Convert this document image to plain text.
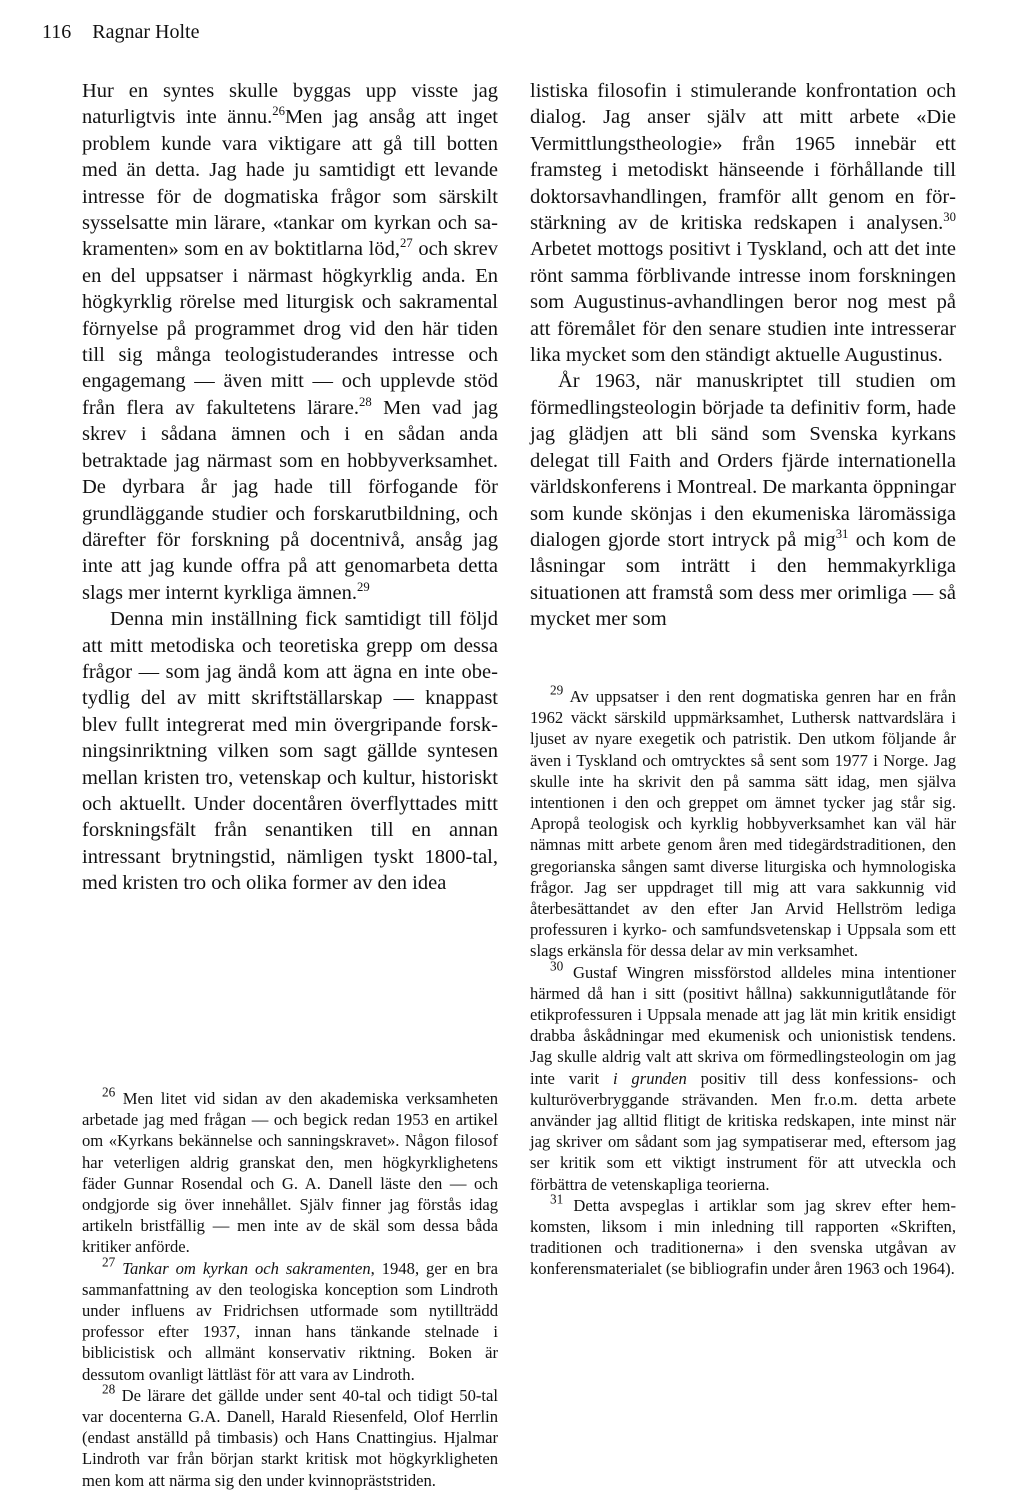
116 Ragnar Holte

Hur en syntes skulle byggas upp visste jag naturligtvis inte ännu.$^{26}$Men jag ansåg att inget problem kunde vara viktigare att gå till botten med än detta. Jag hade ju samtidigt ett levande intresse för de dogmatiska frågor som särskilt sysselsatte min lärare, «tankar om kyrkan och sakramenten» som en av boktitlarna löd,$^{27}$ och skrev en del uppsatser i närmast högkyrklig anda. En högkyrklig rörelse med liturgisk och sakramental förnyelse på programmet drog vid den här tiden till sig många teologistuderandes intresse och engagemang — även mitt — och upplevde stöd från flera av fakultetens lärare.$^{28}$ Men vad jag skrev i sådana ämnen och i en sådan anda betraktade jag närmast som en hobbyverksamhet. De dyrbara år jag hade till förfogande för grundläggande studier och forskarutbildning, och därefter för forskning på docentnivå, ansåg jag inte att jag kunde offra på att genomarbeta detta slags mer internt kyrkliga ämnen.$^{29}$

Denna min inställning fick samtidigt till följd att mitt metodiska och teoretiska grepp om dessa frågor — som jag ändå kom att ägna en inte obetydlig del av mitt skriftställarskap — knappast blev fullt integrerat med min övergripande forskningsinriktning vilken som sagt gällde syntesen mellan kristen tro, vetenskap och kultur, historiskt och aktuellt. Under docentåren överflyttades mitt forskningsfält från senantiken till en annan intressant brytningstid, nämligen tyskt 1800-tal, med kristen tro och olika former av den idea

$^{26}$ Men litet vid sidan av den akademiska verksamheten arbetade jag med frågan — och begick redan 1953 en artikel om «Kyrkans bekännelse och sanningskravet». Någon filosof har veterligen aldrig granskat den, men högkyrklighetens fäder Gunnar Rosendal och G. A. Danell läste den — och ondgjorde sig över innehållet. Själv finner jag förstås idag artikeln bristfällig — men inte av de skäl som dessa båda kritiker anförde.

$^{27}$ Tankar om kyrkan och sakramenten, 1948, ger en bra sammanfattning av den teologiska konception som Lindroth under influens av Fridrichsen utformade som nytillträdd professor efter 1937, innan hans tänkande stelnade i biblicistisk och allmänt konservativ riktning. Boken är dessutom ovanligt lättläst för att vara av Lindroth.

$^{28}$ De lärare det gällde under sent 40-tal och tidigt 50-tal var docenterna G.A. Danell, Harald Riesenfeld, Olof Herrlin (endast anställd på timbasis) och Hans Cnattingius. Hjalmar Lindroth var från början starkt kritisk mot högkyrkligheten men kom att närma sig den under kvinnopräststriden.

listiska filosofin i stimulerande konfrontation och dialog. Jag anser själv att mitt arbete «Die Vermittlungstheologie» från 1965 innebär ett framsteg i metodiskt hänseende i förhållande till doktorsavhandlingen, framför allt genom en förstärkning av de kritiska redskapen i analysen.$^{30}$ Arbetet mottogs positivt i Tyskland, och att det inte rönt samma förblivande intresse inom forskningen som Augustinus-avhandlingen beror nog mest på att föremålet för den senare studien inte intresserar lika mycket som den ständigt aktuelle Augustinus.

År 1963, när manuskriptet till studien om förmedlingsteologin började ta definitiv form, hade jag glädjen att bli sänd som Svenska kyrkans delegat till Faith and Orders fjärde internationella världskonferens i Montreal. De markanta öppningar som kunde skönjas i den ekumeniska läromässiga dialogen gjorde stort intryck på mig$^{31}$ och kom de låsningar som inträtt i den hemmakyrkliga situationen att framstå som dess mer orimliga — så mycket mer som

$^{29}$ Av uppsatser i den rent dogmatiska genren har en från 1962 väckt särskild uppmärksamhet, Luthersk nattvardslära i ljuset av nyare exegetik och patristik. Den utkom följande år även i Tyskland och omtrycktes så sent som 1977 i Norge. Jag skulle inte ha skrivit den på samma sätt idag, men själva intentionen i den och greppet om ämnet tycker jag står sig. Apropå teologisk och kyrklig hobbyverksamhet kan väl här nämnas mitt arbete genom åren med tidegärdstraditionen, den gregorianska sången samt diverse liturgiska och hymnologiska frågor. Jag ser uppdraget till mig att vara sakkunnig vid återbesättandet av den efter Jan Arvid Hellström lediga professuren i kyrko- och samfundsvetenskap i Uppsala som ett slags erkänsla för dessa delar av min verksamhet.

$^{30}$ Gustaf Wingren missförstod alldeles mina intentioner härmed då han i sitt (positivt hållna) sakkunnigutlåtande för etikprofessuren i Uppsala menade att jag lät min kritik ensidigt drabba åskådningar med ekumenisk och unionistisk tendens. Jag skulle aldrig valt att skriva om förmedlingsteologin om jag inte varit i grunden positiv till dess konfessions- och kulturöverbryggande strävanden. Men fr.o.m. detta arbete använder jag alltid flitigt de kritiska redskapen, inte minst när jag skriver om sådant som jag sympatiserar med, eftersom jag ser kritik som ett viktigt instrument för att utveckla och förbättra de vetenskapliga teorierna.

$^{31}$ Detta avspeglas i artiklar som jag skrev efter hemkomsten, liksom i min inledning till rapporten «Skriften, traditionen och traditionerna» i den svenska utgåvan av konferensmaterialet (se bibliografin under åren 1963 och 1964).
